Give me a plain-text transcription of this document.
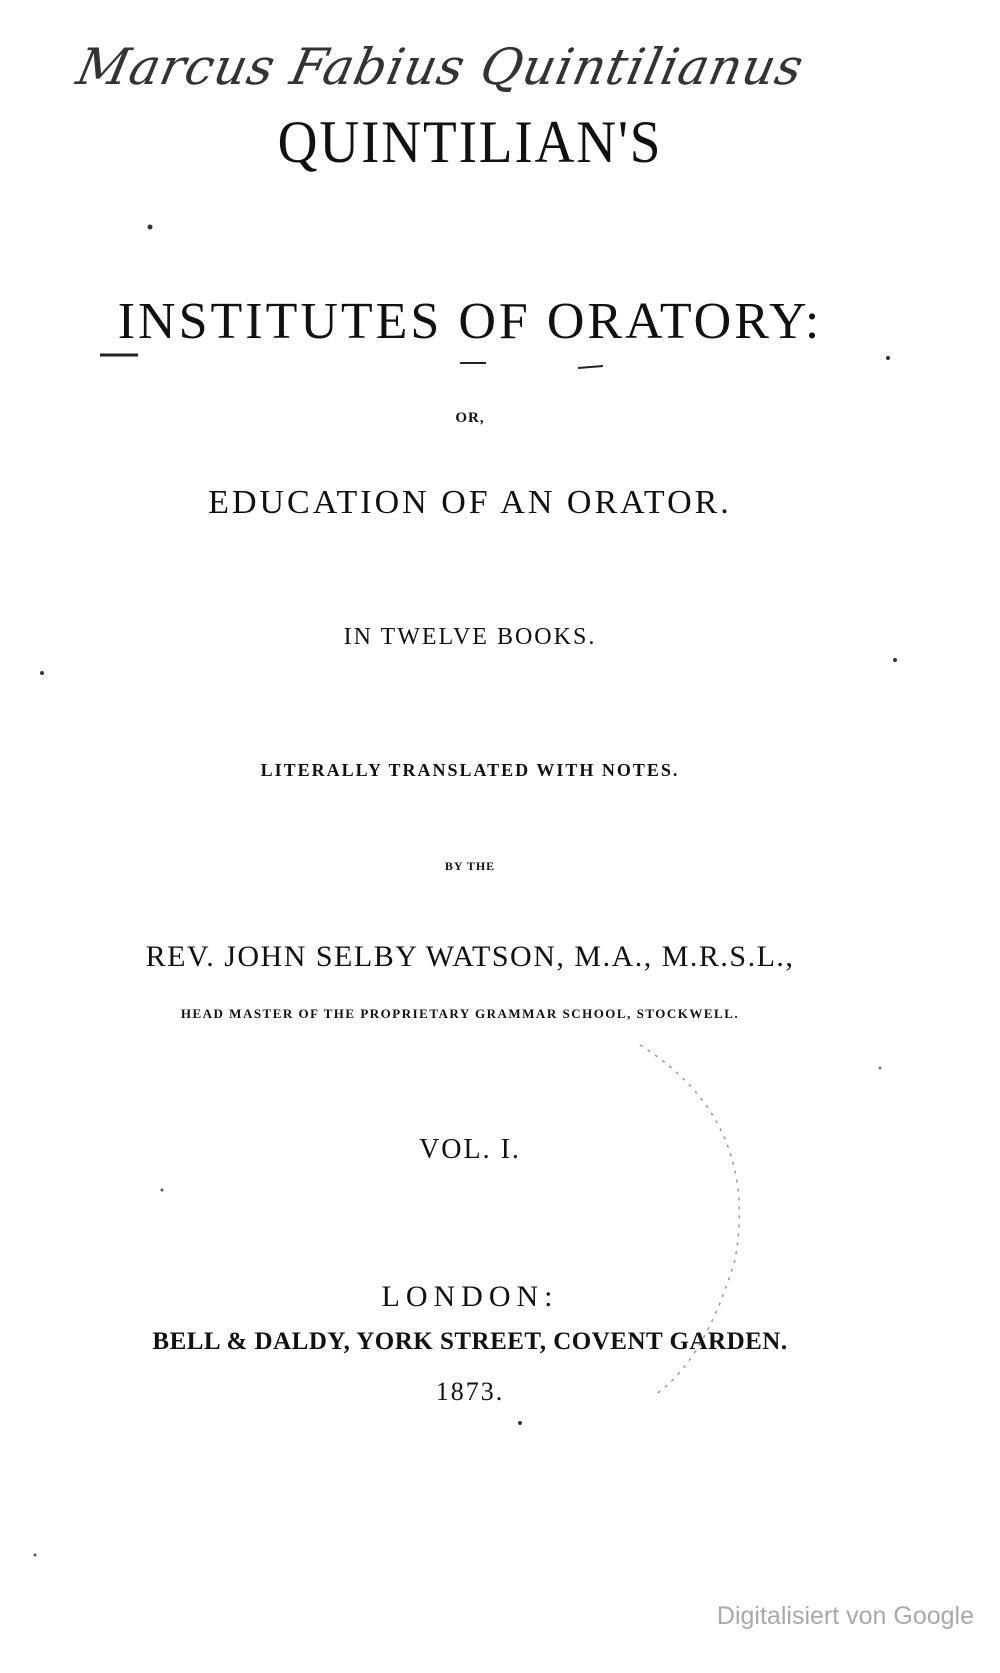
Marcus Fabius Quintilianus
QUINTILIAN'S
INSTITUTES OF ORATORY:
OR,
EDUCATION OF AN ORATOR.
IN TWELVE BOOKS.
LITERALLY TRANSLATED WITH NOTES.
BY THE
REV. JOHN SELBY WATSON, M.A., M.R.S.L.,
HEAD MASTER OF THE PROPRIETARY GRAMMAR SCHOOL, STOCKWELL.
VOL. I.
LONDON:
BELL & DALDY, YORK STREET, COVENT GARDEN.
1873.
Digitalisiert von Google
